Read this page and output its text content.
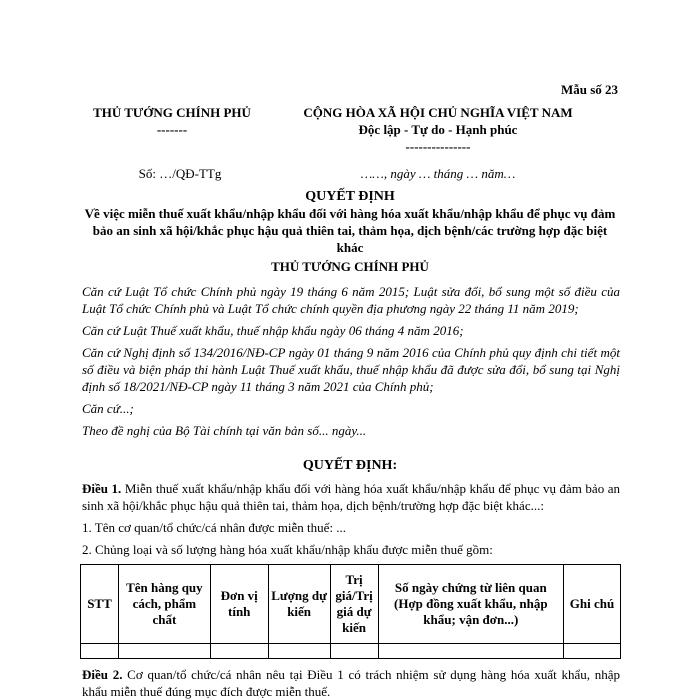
Mẫu số 23
THỦ TƯỚNG CHÍNH PHỦ
-------
CỘNG HÒA XÃ HỘI CHỦ NGHĨA VIỆT NAM
Độc lập - Tự do - Hạnh phúc
---------------
Số: …/QĐ-TTg	……, ngày … tháng … năm…
QUYẾT ĐỊNH
Về việc miễn thuế xuất khẩu/nhập khẩu đối với hàng hóa xuất khẩu/nhập khẩu để phục vụ đảm bảo an sinh xã hội/khắc phục hậu quả thiên tai, thảm họa, dịch bệnh/các trường hợp đặc biệt khác
THỦ TƯỚNG CHÍNH PHỦ

Căn cứ Luật Tổ chức Chính phủ ngày 19 tháng 6 năm 2015; Luật sửa đổi, bổ sung một số điều của Luật Tổ chức Chính phủ và Luật Tổ chức chính quyền địa phương ngày 22 tháng 11 năm 2019;

Căn cứ Luật Thuế xuất khẩu, thuế nhập khẩu ngày 06 tháng 4 năm 2016;

Căn cứ Nghị định số 134/2016/NĐ-CP ngày 01 tháng 9 năm 2016 của Chính phủ quy định chi tiết một số điều và biện pháp thi hành Luật Thuế xuất khẩu, thuế nhập khẩu đã được sửa đổi, bổ sung tại Nghị định số 18/2021/NĐ-CP ngày 11 tháng 3 năm 2021 của Chính phủ;

Căn cứ...;

Theo đề nghị của Bộ Tài chính tại văn bản số... ngày...

QUYẾT ĐỊNH:

Điều 1. Miễn thuế xuất khẩu/nhập khẩu đối với hàng hóa xuất khẩu/nhập khẩu để phục vụ đảm bảo an sinh xã hội/khắc phục hậu quả thiên tai, thảm họa, dịch bệnh/trường hợp đặc biệt khác...:

1. Tên cơ quan/tổ chức/cá nhân được miễn thuế: ...

2. Chủng loại và số lượng hàng hóa xuất khẩu/nhập khẩu được miễn thuế gồm:

STT	Tên hàng quy cách, phẩm chất	Đơn vị tính	Lượng dự kiến	Trị giá/Trị giá dự kiến	Số ngày chứng từ liên quan (Hợp đồng xuất khẩu, nhập khẩu; vận đơn...)	Ghi chú

Điều 2. Cơ quan/tổ chức/cá nhân nêu tại Điều 1 có trách nhiệm sử dụng hàng hóa xuất khẩu, nhập khẩu miễn thuế đúng mục đích được miễn thuế.
